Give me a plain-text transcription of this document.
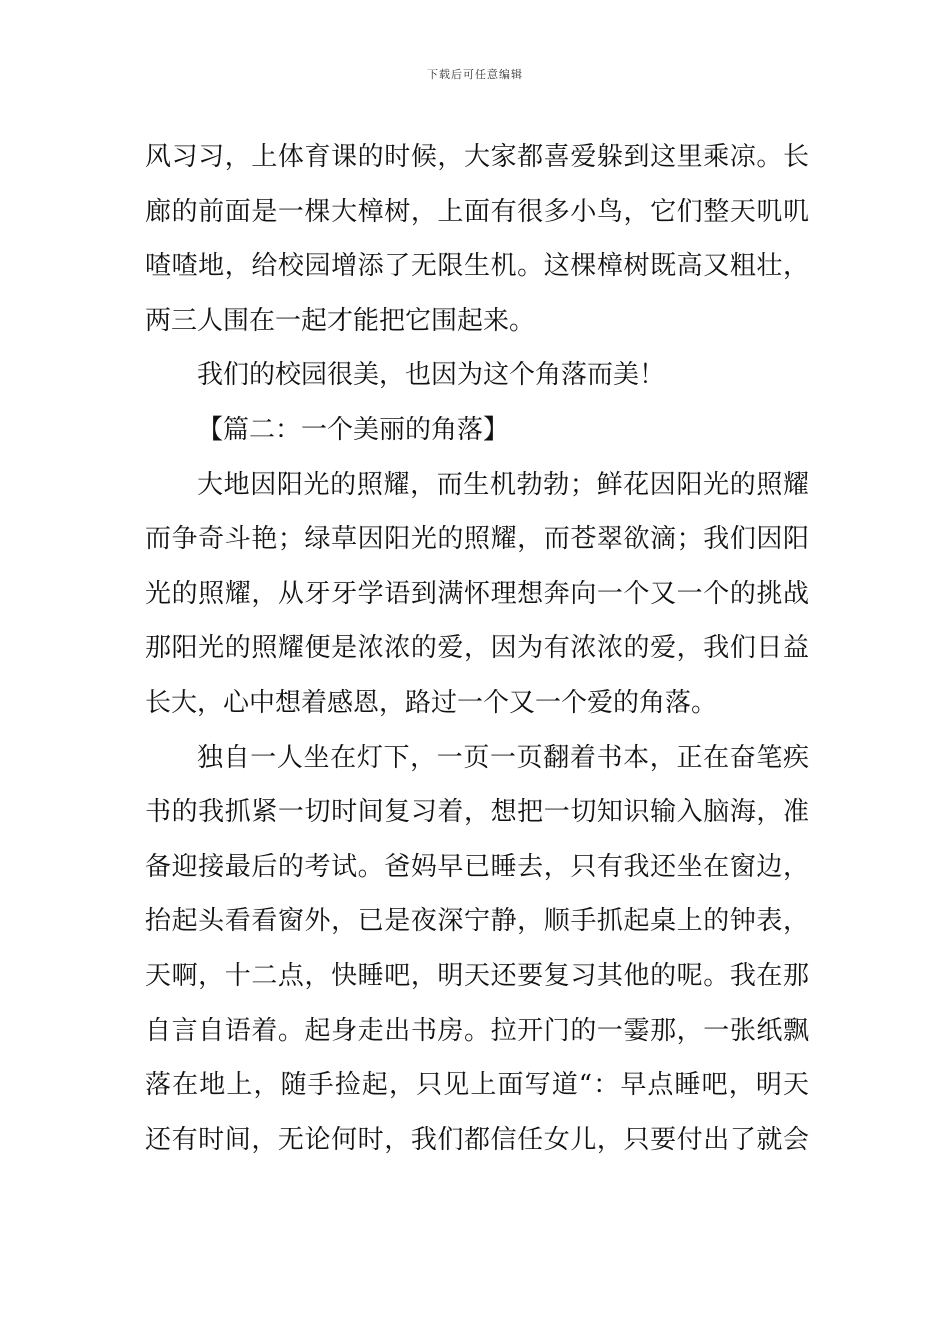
下载后可任意编辑
风习习，上体育课的时候，大家都喜爱躲到这里乘凉。长
廊的前面是一棵大樟树，上面有很多小鸟，它们整天叽叽
喳喳地，给校园增添了无限生机。这棵樟树既高又粗壮，
两三人围在一起才能把它围起来。
我们的校园很美，也因为这个角落而美！
【篇二：一个美丽的角落】
大地因阳光的照耀，而生机勃勃；鲜花因阳光的照耀
而争奇斗艳；绿草因阳光的照耀，而苍翠欲滴；我们因阳
光的照耀，从牙牙学语到满怀理想奔向一个又一个的挑战
那阳光的照耀便是浓浓的爱，因为有浓浓的爱，我们日益
长大，心中想着感恩，路过一个又一个爱的角落。
独自一人坐在灯下，一页一页翻着书本，正在奋笔疾
书的我抓紧一切时间复习着，想把一切知识输入脑海，准
备迎接最后的考试。爸妈早已睡去，只有我还坐在窗边，
抬起头看看窗外，已是夜深宁静，顺手抓起桌上的钟表，
天啊，十二点，快睡吧，明天还要复习其他的呢。我在那
自言自语着。起身走出书房。拉开门的一霎那，一张纸飘
落在地上，随手捡起，只见上面写道“：早点睡吧，明天
还有时间，无论何时，我们都信任女儿，只要付出了就会
